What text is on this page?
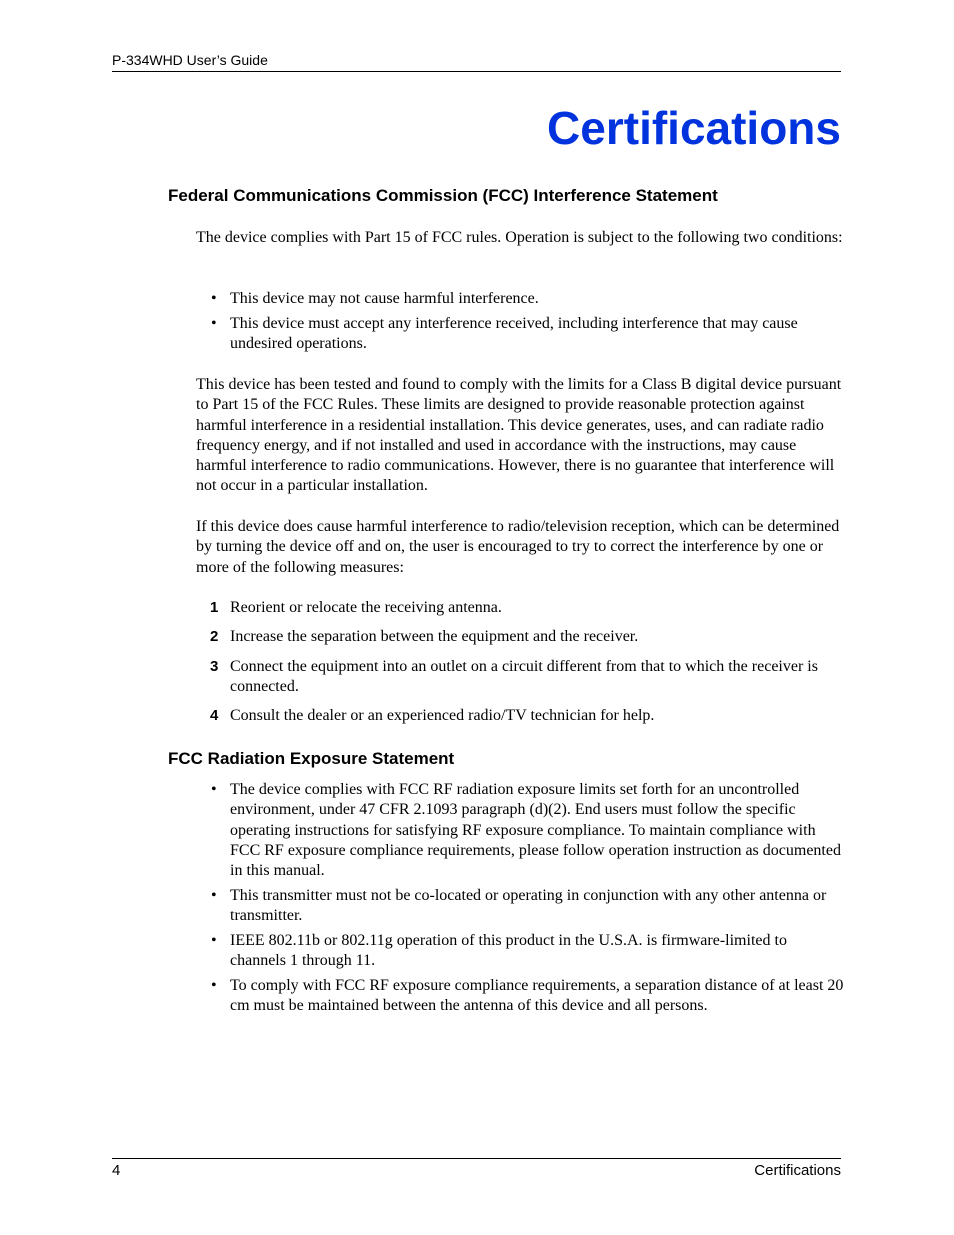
P-334WHD User’s Guide
Certifications
Federal Communications Commission (FCC) Interference Statement

The device complies with Part 15 of FCC rules. Operation is subject to the following two conditions:

• This device may not cause harmful interference.
• This device must accept any interference received, including interference that may cause undesired operations.

This device has been tested and found to comply with the limits for a Class B digital device pursuant to Part 15 of the FCC Rules. These limits are designed to provide reasonable protection against harmful interference in a residential installation. This device generates, uses, and can radiate radio frequency energy, and if not installed and used in accordance with the instructions, may cause harmful interference to radio communications. However, there is no guarantee that interference will not occur in a particular installation.

If this device does cause harmful interference to radio/television reception, which can be determined by turning the device off and on, the user is encouraged to try to correct the interference by one or more of the following measures:

1 Reorient or relocate the receiving antenna.
2 Increase the separation between the equipment and the receiver.
3 Connect the equipment into an outlet on a circuit different from that to which the receiver is connected.
4 Consult the dealer or an experienced radio/TV technician for help.
FCC Radiation Exposure Statement
• The device complies with FCC RF radiation exposure limits set forth for an uncontrolled environment, under 47 CFR 2.1093 paragraph (d)(2). End users must follow the specific operating instructions for satisfying RF exposure compliance. To maintain compliance with FCC RF exposure compliance requirements, please follow operation instruction as documented in this manual.
• This transmitter must not be co-located or operating in conjunction with any other antenna or transmitter.
• IEEE 802.11b or 802.11g operation of this product in the U.S.A. is firmware-limited to channels 1 through 11.
• To comply with FCC RF exposure compliance requirements, a separation distance of at least 20 cm must be maintained between the antenna of this device and all persons.
4	Certifications
